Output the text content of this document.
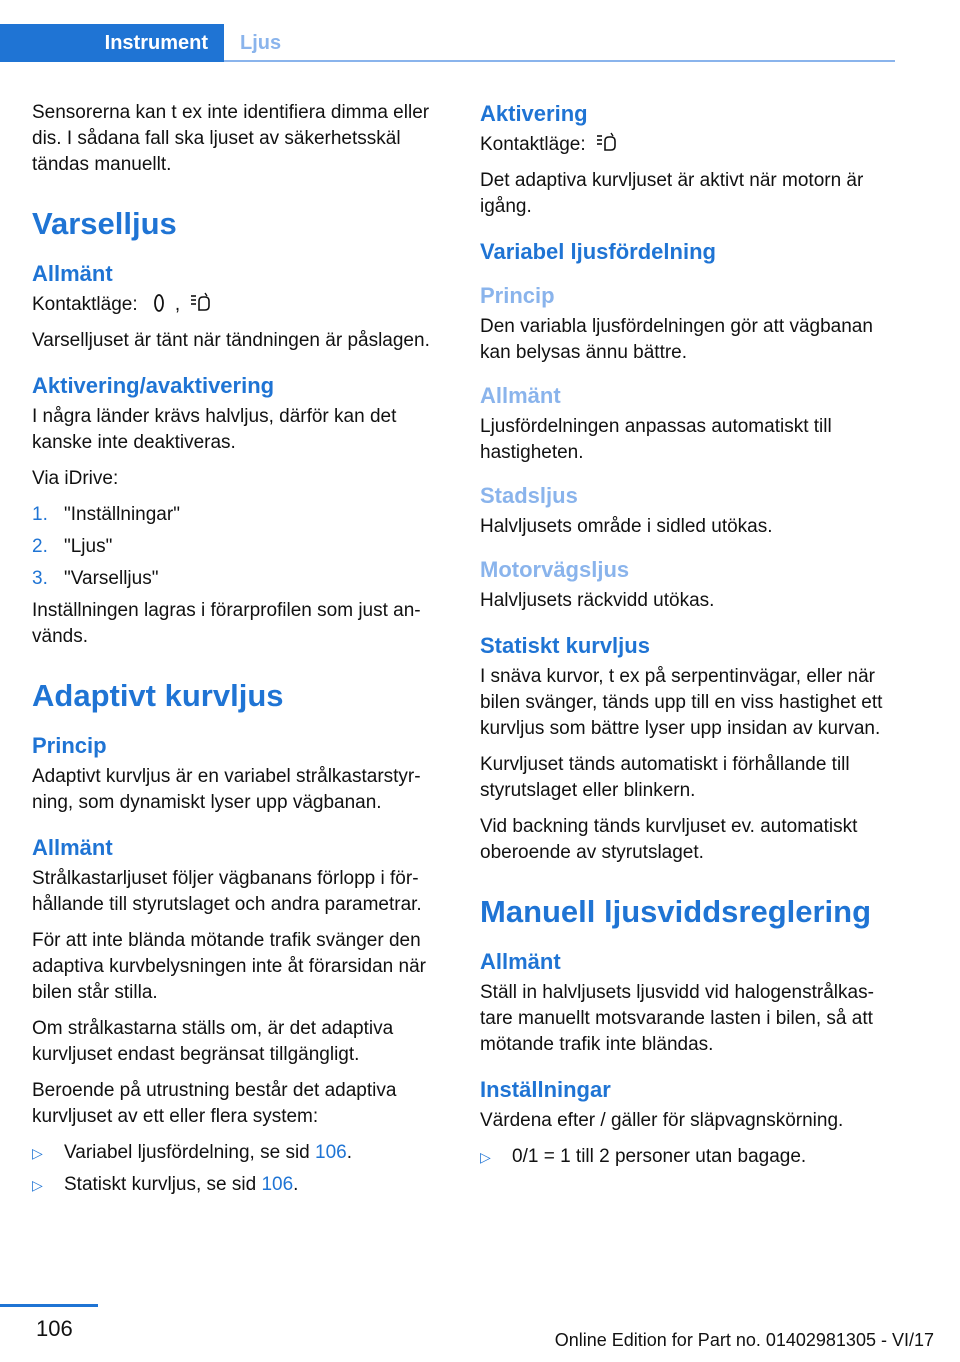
Instrument	Ljus

Sensorerna kan t ex inte identifiera dimma eller dis. I sådana fall ska ljuset av säkerhetsskäl tändas manuellt.

Varselljus
Allmänt

Kontaktläge: ,

Varselljuset är tänt när tändningen är påslagen.

Aktivering/avaktivering

I några länder krävs halvljus, därför kan det kanske inte deaktiveras.

Via iDrive:

1. "Inställningar"
2. "Ljus"
3. "Varselljus"

Inställningen lagras i förarprofilen som just an‐ vänds.

Adaptivt kurvljus
Princip

Adaptivt kurvljus är en variabel strålkastarstyr‐ ning, som dynamiskt lyser upp vägbanan.

Allmänt

Strålkastarljuset följer vägbanans förlopp i för‐ hållande till styrutslaget och andra parametrar.

För att inte blända mötande trafik svänger den adaptiva kurvbelysningen inte åt förarsidan när bilen står stilla.

Om strålkastarna ställs om, är det adaptiva kurvljuset endast begränsat tillgängligt.

Beroende på utrustning består det adaptiva kurvljuset av ett eller flera system:

▷	Variabel ljusfördelning, se sid 106.
▷	Statiskt kurvljus, se sid 106.
Aktivering

Kontaktläge:

Det adaptiva kurvljuset är aktivt när motorn är igång.

Variabel ljusfördelning
Princip

Den variabla ljusfördelningen gör att vägbanan kan belysas ännu bättre.

Allmänt

Ljusfördelningen anpassas automatiskt till hastigheten.

Stadsljus

Halvljusets område i sidled utökas.

Motorvägsljus

Halvljusets räckvidd utökas.

Statiskt kurvljus

I snäva kurvor, t ex på serpentinvägar, eller när bilen svänger, tänds upp till en viss hastighet ett kurvljus som bättre lyser upp insidan av kurvan.

Kurvljuset tänds automatiskt i förhållande till styrutslaget eller blinkern.

Vid backning tänds kurvljuset ev. automatiskt oberoende av styrutslaget.

Manuell ljusviddsreglering
Allmänt

Ställ in halvljusets ljusvidd vid halogenstrålkas‐ tare manuellt motsvarande lasten i bilen, så att mötande trafik inte bländas.

Inställningar

Värdena efter / gäller för släpvagnskörning.

▷	0/1 = 1 till 2 personer utan bagage.
106	Online Edition for Part no. 01402981305 - VI/17
